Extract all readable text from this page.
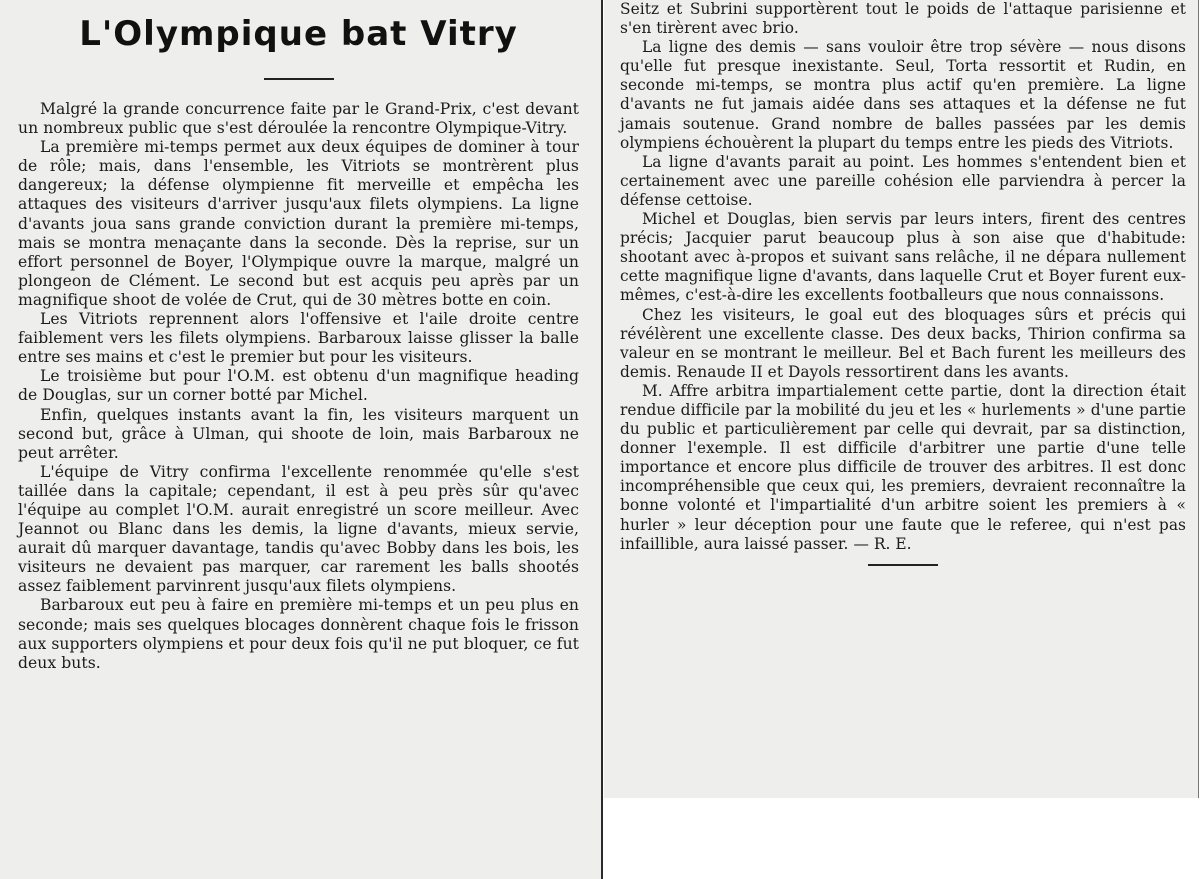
L'Olympique bat Vitry

Malgré la grande concurrence faite par le Grand-Prix, c'est devant un nombreux public que s'est déroulée la rencontre Olympique-Vitry.

La première mi-temps permet aux deux équipes de dominer à tour de rôle; mais, dans l'ensemble, les Vitriots se montrèrent plus dangereux; la défense olympienne fit merveille et empêcha les attaques des visiteurs d'arriver jusqu'aux filets olympiens. La ligne d'avants joua sans grande conviction durant la première mi-temps, mais se montra menaçante dans la seconde. Dès la reprise, sur un effort personnel de Boyer, l'Olympique ouvre la marque, malgré un plongeon de Clément. Le second but est acquis peu après par un magnifique shoot de volée de Crut, qui de 30 mètres botte en coin.

Les Vitriots reprennent alors l'offensive et l'aile droite centre faiblement vers les filets olympiens. Barbaroux laisse glisser la balle entre ses mains et c'est le premier but pour les visiteurs.

Le troisième but pour l'O.M. est obtenu d'un magnifique heading de Douglas, sur un corner botté par Michel.

Enfin, quelques instants avant la fin, les visiteurs marquent un second but, grâce à Ulman, qui shoote de loin, mais Barbaroux ne peut arrêter.

L'équipe de Vitry confirma l'excellente renommée qu'elle s'est taillée dans la capitale; cependant, il est à peu près sûr qu'avec l'équipe au complet l'O.M. aurait enregistré un score meilleur. Avec Jeannot ou Blanc dans les demis, la ligne d'avants, mieux servie, aurait dû marquer davantage, tandis qu'avec Bobby dans les bois, les visiteurs ne devaient pas marquer, car rarement les balls shootés assez faiblement parvinrent jusqu'aux filets olympiens.

Barbaroux eut peu à faire en première mi-temps et un peu plus en seconde; mais ses quelques blocages donnèrent chaque fois le frisson aux supporters olympiens et pour deux fois qu'il ne put bloquer, ce fut deux buts.

Seitz et Subrini supportèrent tout le poids de l'attaque parisienne et s'en tirèrent avec brio.

La ligne des demis — sans vouloir être trop sévère — nous disons qu'elle fut presque inexistante. Seul, Torta ressortit et Rudin, en seconde mi-temps, se montra plus actif qu'en première. La ligne d'avants ne fut jamais aidée dans ses attaques et la défense ne fut jamais soutenue. Grand nombre de balles passées par les demis olympiens échouèrent la plupart du temps entre les pieds des Vitriots.

La ligne d'avants parait au point. Les hommes s'entendent bien et certainement avec une pareille cohésion elle parviendra à percer la défense cettoise.

Michel et Douglas, bien servis par leurs inters, firent des centres précis; Jacquier parut beaucoup plus à son aise que d'habitude: shootant avec à-propos et suivant sans relâche, il ne dépara nullement cette magnifique ligne d'avants, dans laquelle Crut et Boyer furent eux-mêmes, c'est-à-dire les excellents footballeurs que nous connaissons.

Chez les visiteurs, le goal eut des bloquages sûrs et précis qui révélèrent une excellente classe. Des deux backs, Thirion confirma sa valeur en se montrant le meilleur. Bel et Bach furent les meilleurs des demis. Renaude II et Dayols ressortirent dans les avants.

M. Affre arbitra impartialement cette partie, dont la direction était rendue difficile par la mobilité du jeu et les « hurlements » d'une partie du public et particulièrement par celle qui devrait, par sa distinction, donner l'exemple. Il est difficile d'arbitrer une partie d'une telle importance et encore plus difficile de trouver des arbitres. Il est donc incompréhensible que ceux qui, les premiers, devraient reconnaître la bonne volonté et l'impartialité d'un arbitre soient les premiers à « hurler » leur déception pour une faute que le referee, qui n'est pas infaillible, aura laissé passer. — R. E.
